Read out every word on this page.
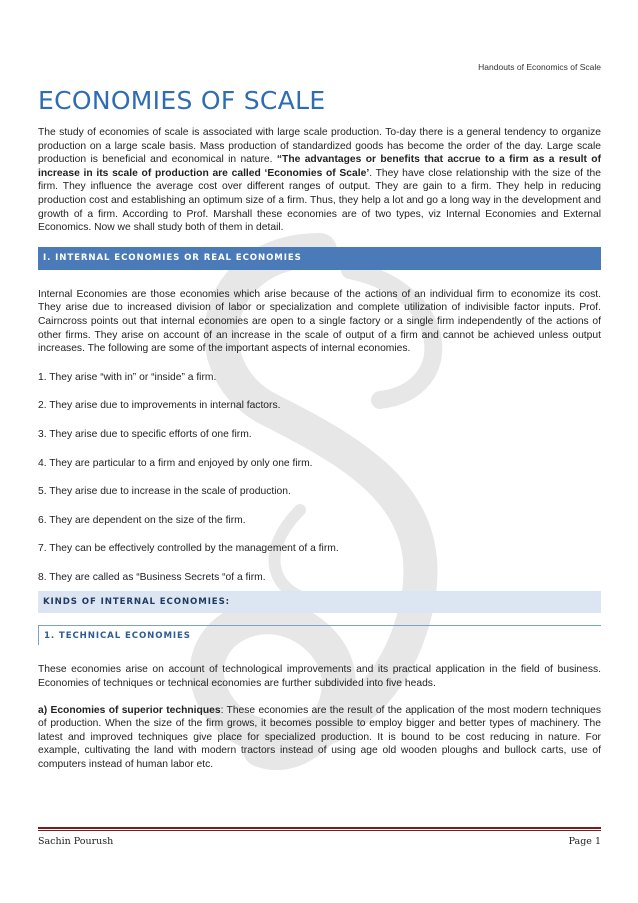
Handouts of Economics of Scale
ECONOMIES OF SCALE

The study of economies of scale is associated with large scale production. To-day there is a general tendency to organize production on a large scale basis. Mass production of standardized goods has become the order of the day. Large scale production is beneficial and economical in nature. “The advantages or benefits that accrue to a firm as a result of increase in its scale of production are called ‘Economies of Scale’. They have close relationship with the size of the firm. They influence the average cost over different ranges of output. They are gain to a firm. They help in reducing production cost and establishing an optimum size of a firm. Thus, they help a lot and go a long way in the development and growth of a firm. According to Prof. Marshall these economies are of two types, viz Internal Economies and External Economics. Now we shall study both of them in detail.

I. INTERNAL ECONOMIES OR REAL ECONOMIES

Internal Economies are those economies which arise because of the actions of an individual firm to economize its cost. They arise due to increased division of labor or specialization and complete utilization of indivisible factor inputs. Prof. Cairncross points out that internal economies are open to a single factory or a single firm independently of the actions of other firms. They arise on account of an increase in the scale of output of a firm and cannot be achieved unless output increases. The following are some of the important aspects of internal economies.

1. They arise “with in” or “inside” a firm.

2. They arise due to improvements in internal factors.

3. They arise due to specific efforts of one firm.

4. They are particular to a firm and enjoyed by only one firm.

5. They arise due to increase in the scale of production.

6. They are dependent on the size of the firm.

7. They can be effectively controlled by the management of a firm.

8. They are called as “Business Secrets “of a firm.

KINDS OF INTERNAL ECONOMIES:
1. TECHNICAL ECONOMIES

These economies arise on account of technological improvements and its practical application in the field of business. Economies of techniques or technical economies are further subdivided into five heads.

a) Economies of superior techniques: These economies are the result of the application of the most modern techniques of production. When the size of the firm grows, it becomes possible to employ bigger and better types of machinery. The latest and improved techniques give place for specialized production. It is bound to be cost reducing in nature. For example, cultivating the land with modern tractors instead of using age old wooden ploughs and bullock carts, use of computers instead of human labor etc.

Sachin Pourush	Page 1
